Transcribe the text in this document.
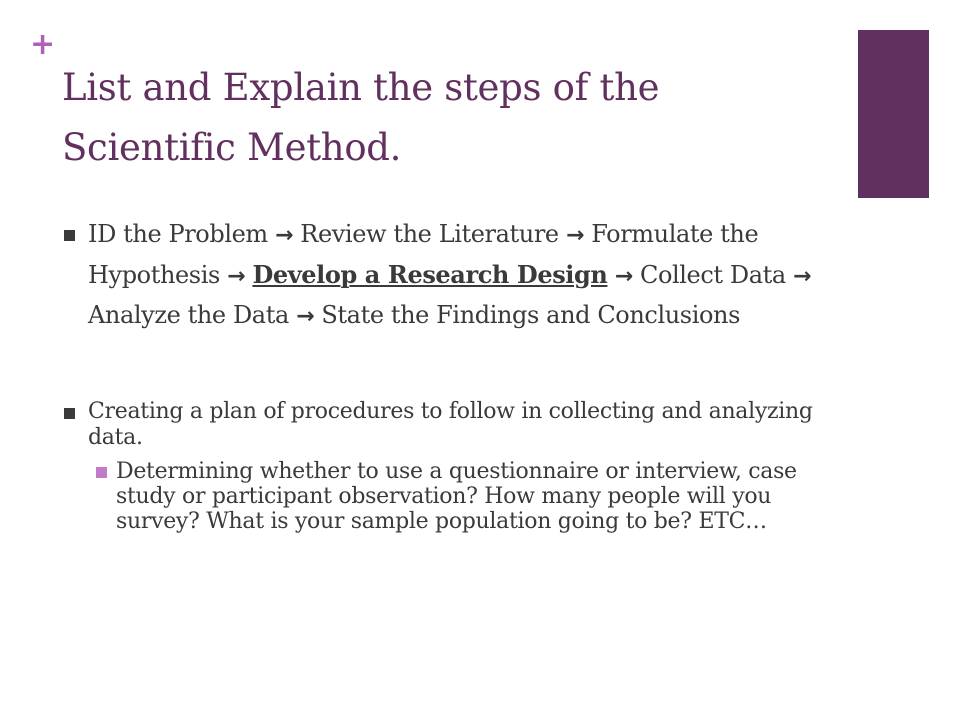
+
List and Explain the steps of the Scientific Method.
ID the Problem → Review the Literature → Formulate the Hypothesis → Develop a Research Design → Collect Data → Analyze the Data → State the Findings and Conclusions
Creating a plan of procedures to follow in collecting and analyzing data.
Determining whether to use a questionnaire or interview, case study or participant observation? How many people will you survey? What is your sample population going to be? ETC…
